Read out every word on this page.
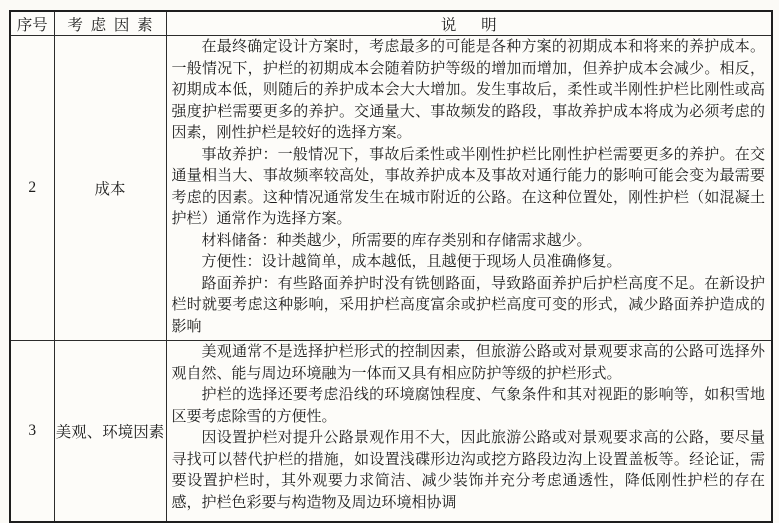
序号	考虑因素	说明
2	成本	在最终确定设计方案时，考虑最多的可能是各种方案的初期成本和将来的养护成本。一般情况下，护栏的初期成本会随着防护等级的增加而增加，但养护成本会减少。相反，初期成本低，则随后的养护成本会大大增加。发生事故后，柔性或半刚性护栏比刚性或高强度护栏需要更多的养护。交通量大、事故频发的路段，事故养护成本将成为必须考虑的因素，刚性护栏是较好的选择方案。

事故养护：一般情况下，事故后柔性或半刚性护栏比刚性护栏需要更多的养护。在交通量相当大、事故频率较高处，事故养护成本及事故对通行能力的影响可能会变为最需要考虑的因素。这种情况通常发生在城市附近的公路。在这种位置处，刚性护栏（如混凝土护栏）通常作为选择方案。

材料储备：种类越少，所需要的库存类别和存储需求越少。

方便性：设计越简单，成本越低，且越便于现场人员准确修复。

路面养护：有些路面养护时没有铣刨路面，导致路面养护后护栏高度不足。在新设护栏时就要考虑这种影响，采用护栏高度富余或护栏高度可变的形式，减少路面养护造成的影响

3	美观、环境因素	美观通常不是选择护栏形式的控制因素，但旅游公路或对景观要求高的公路可选择外观自然、能与周边环境融为一体而又具有相应防护等级的护栏形式。

护栏的选择还要考虑沿线的环境腐蚀程度、气象条件和其对视距的影响等，如积雪地区要考虑除雪的方便性。

因设置护栏对提升公路景观作用不大，因此旅游公路或对景观要求高的公路，要尽量寻找可以替代护栏的措施，如设置浅碟形边沟或挖方路段边沟上设置盖板等。经论证，需要设置护栏时，其外观要力求简洁、减少装饰并充分考虑通透性，降低刚性护栏的存在感，护栏色彩要与构造物及周边环境相协调
